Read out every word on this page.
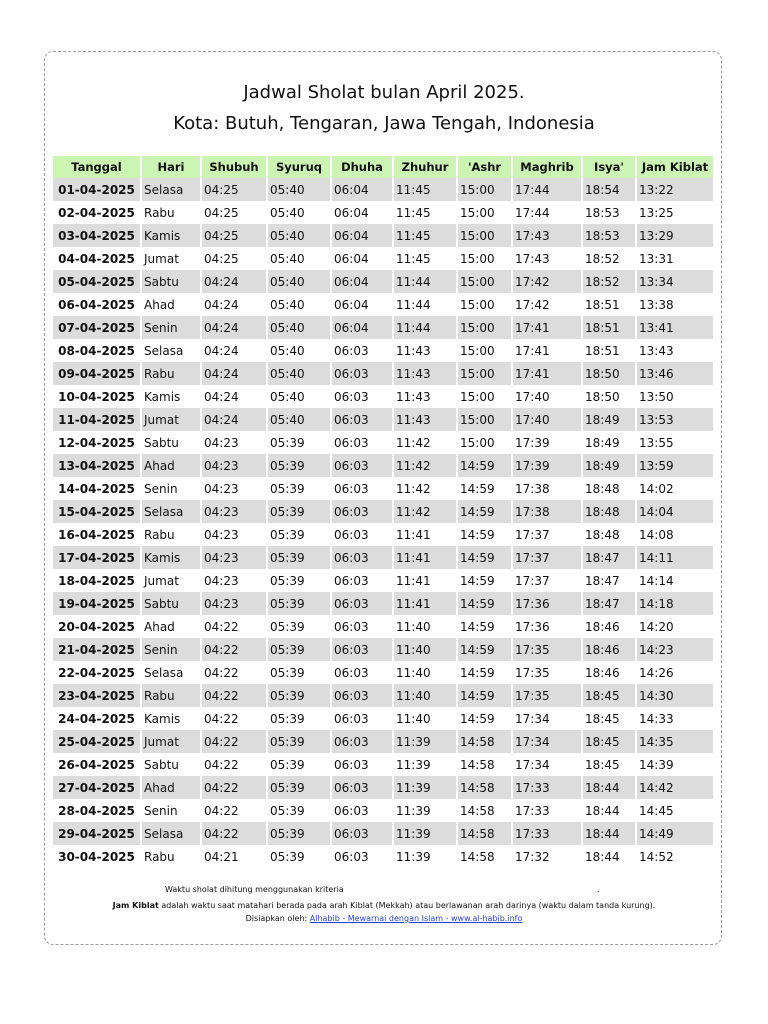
Jadwal Sholat bulan April 2025.
Kota: Butuh, Tengaran, Jawa Tengah, Indonesia
Tanggal	Hari	Shubuh	Syuruq	Dhuha	Zhuhur	'Ashr	Maghrib	Isya'	Jam Kiblat
01-04-2025	Selasa	04:25	05:40	06:04	11:45	15:00	17:44	18:54	13:22
02-04-2025	Rabu	04:25	05:40	06:04	11:45	15:00	17:44	18:53	13:25
03-04-2025	Kamis	04:25	05:40	06:04	11:45	15:00	17:43	18:53	13:29
04-04-2025	Jumat	04:25	05:40	06:04	11:45	15:00	17:43	18:52	13:31
05-04-2025	Sabtu	04:24	05:40	06:04	11:44	15:00	17:42	18:52	13:34
06-04-2025	Ahad	04:24	05:40	06:04	11:44	15:00	17:42	18:51	13:38
07-04-2025	Senin	04:24	05:40	06:04	11:44	15:00	17:41	18:51	13:41
08-04-2025	Selasa	04:24	05:40	06:03	11:43	15:00	17:41	18:51	13:43
09-04-2025	Rabu	04:24	05:40	06:03	11:43	15:00	17:41	18:50	13:46
10-04-2025	Kamis	04:24	05:40	06:03	11:43	15:00	17:40	18:50	13:50
11-04-2025	Jumat	04:24	05:40	06:03	11:43	15:00	17:40	18:49	13:53
12-04-2025	Sabtu	04:23	05:39	06:03	11:42	15:00	17:39	18:49	13:55
13-04-2025	Ahad	04:23	05:39	06:03	11:42	14:59	17:39	18:49	13:59
14-04-2025	Senin	04:23	05:39	06:03	11:42	14:59	17:38	18:48	14:02
15-04-2025	Selasa	04:23	05:39	06:03	11:42	14:59	17:38	18:48	14:04
16-04-2025	Rabu	04:23	05:39	06:03	11:41	14:59	17:37	18:48	14:08
17-04-2025	Kamis	04:23	05:39	06:03	11:41	14:59	17:37	18:47	14:11
18-04-2025	Jumat	04:23	05:39	06:03	11:41	14:59	17:37	18:47	14:14
19-04-2025	Sabtu	04:23	05:39	06:03	11:41	14:59	17:36	18:47	14:18
20-04-2025	Ahad	04:22	05:39	06:03	11:40	14:59	17:36	18:46	14:20
21-04-2025	Senin	04:22	05:39	06:03	11:40	14:59	17:35	18:46	14:23
22-04-2025	Selasa	04:22	05:39	06:03	11:40	14:59	17:35	18:46	14:26
23-04-2025	Rabu	04:22	05:39	06:03	11:40	14:59	17:35	18:45	14:30
24-04-2025	Kamis	04:22	05:39	06:03	11:40	14:59	17:34	18:45	14:33
25-04-2025	Jumat	04:22	05:39	06:03	11:39	14:58	17:34	18:45	14:35
26-04-2025	Sabtu	04:22	05:39	06:03	11:39	14:58	17:34	18:45	14:39
27-04-2025	Ahad	04:22	05:39	06:03	11:39	14:58	17:33	18:44	14:42
28-04-2025	Senin	04:22	05:39	06:03	11:39	14:58	17:33	18:44	14:45
29-04-2025	Selasa	04:22	05:39	06:03	11:39	14:58	17:33	18:44	14:49
30-04-2025	Rabu	04:21	05:39	06:03	11:39	14:58	17:32	18:44	14:52
Waktu sholat dihitung menggunakan kriteria	.
Jam Kiblat adalah waktu saat matahari berada pada arah Kiblat (Mekkah) atau berlawanan arah darinya (waktu dalam tanda kurung).
Disiapkan oleh: Alhabib - Mewarnai dengan Islam - www.al-habib.info
